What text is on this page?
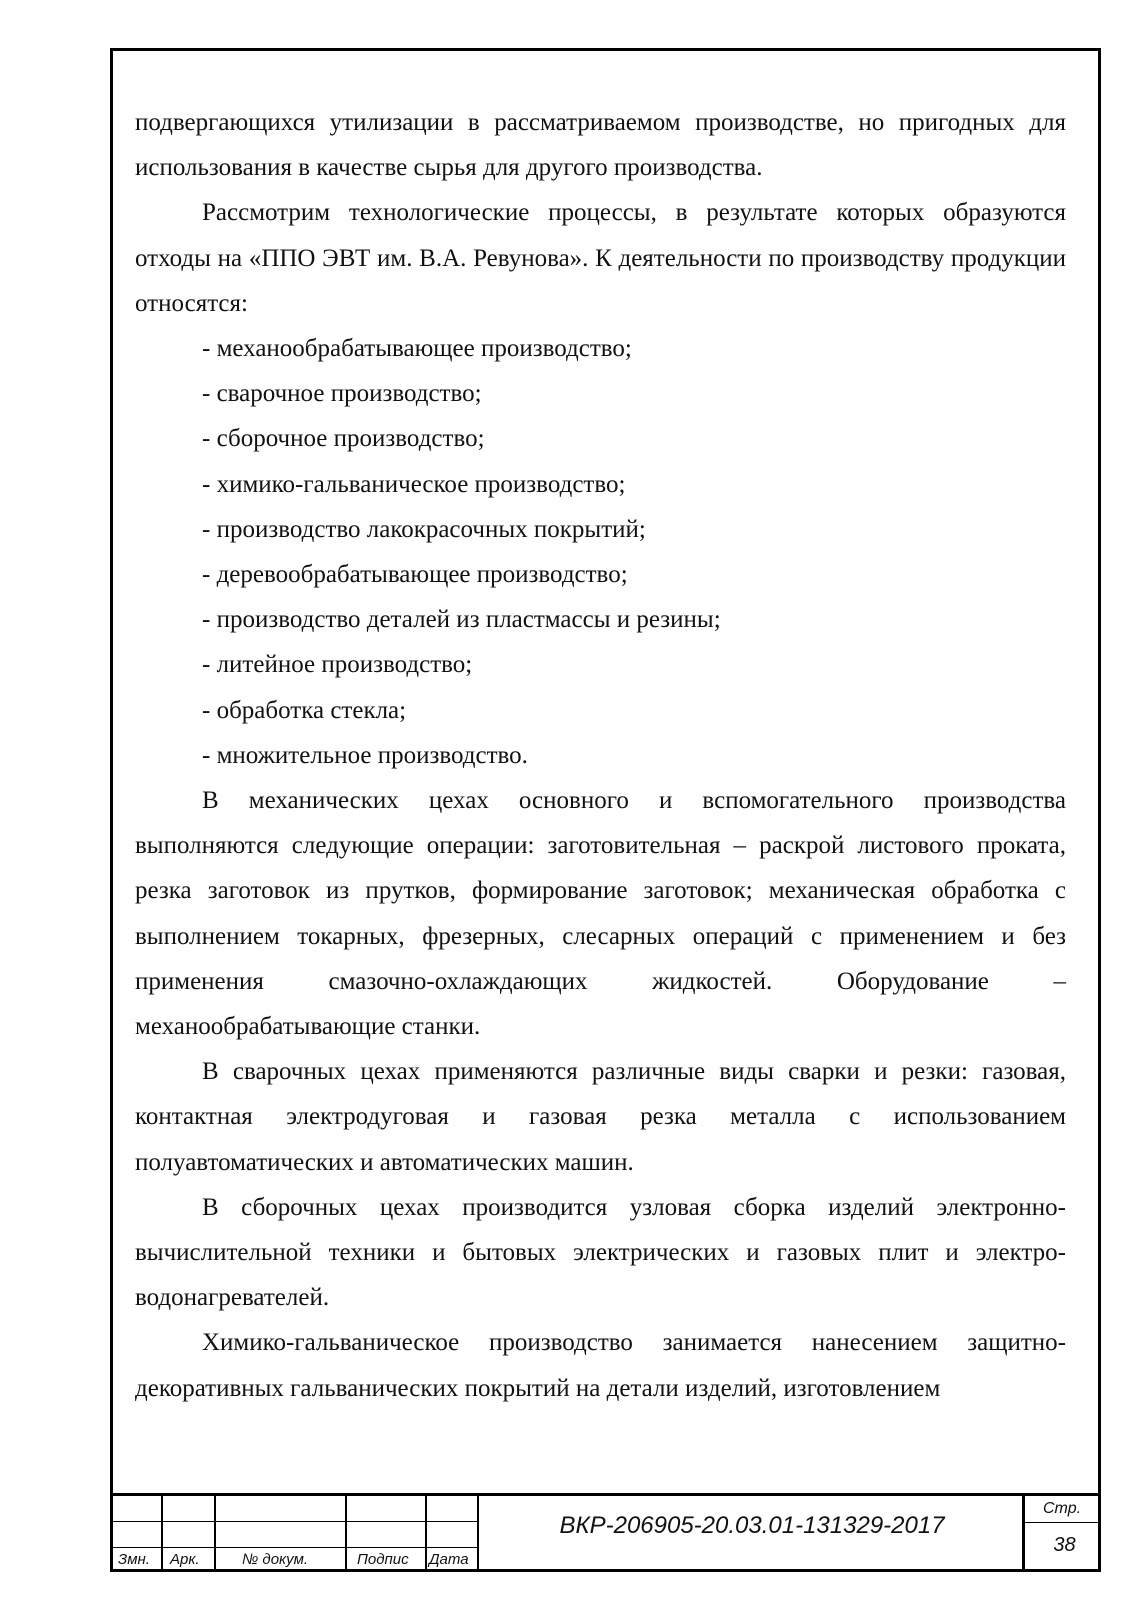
подвергающихся утилизации в рассматриваемом производстве, но пригодных для использования в качестве сырья для другого производства.

Рассмотрим технологические процессы, в результате которых образуются отходы на «ППО ЭВТ им. В.А. Ревунова». К деятельности по производству продукции относятся:

- механообрабатывающее производство;

- сварочное производство;

- сборочное производство;

- химико-гальваническое производство;

- производство лакокрасочных покрытий;

- деревообрабатывающее производство;

- производство деталей из пластмассы и резины;

- литейное производство;

- обработка стекла;

- множительное производство.

В механических цехах основного и вспомогательного производства выполняются следующие операции: заготовительная – раскрой листового проката, резка заготовок из прутков, формирование заготовок; механическая обработка с выполнением токарных, фрезерных, слесарных операций с применением и без применения смазочно-охлаждающих жидкостей. Оборудование – механообрабатывающие станки.

В сварочных цехах применяются различные виды сварки и резки: газовая, контактная электродуговая и газовая резка металла с использованием полуавтоматических и автоматических машин.

В сборочных цехах производится узловая сборка изделий электронно-вычислительной техники и бытовых электрических и газовых плит и электро-водонагревателей.

Химико-гальваническое производство занимается нанесением защитно-декоративных гальванических покрытий на детали изделий, изготовлением

Змн. Арк.	№ докум.	Подпис Дата
ВКР-206905-20.03.01-131329-2017
Стр.
38
